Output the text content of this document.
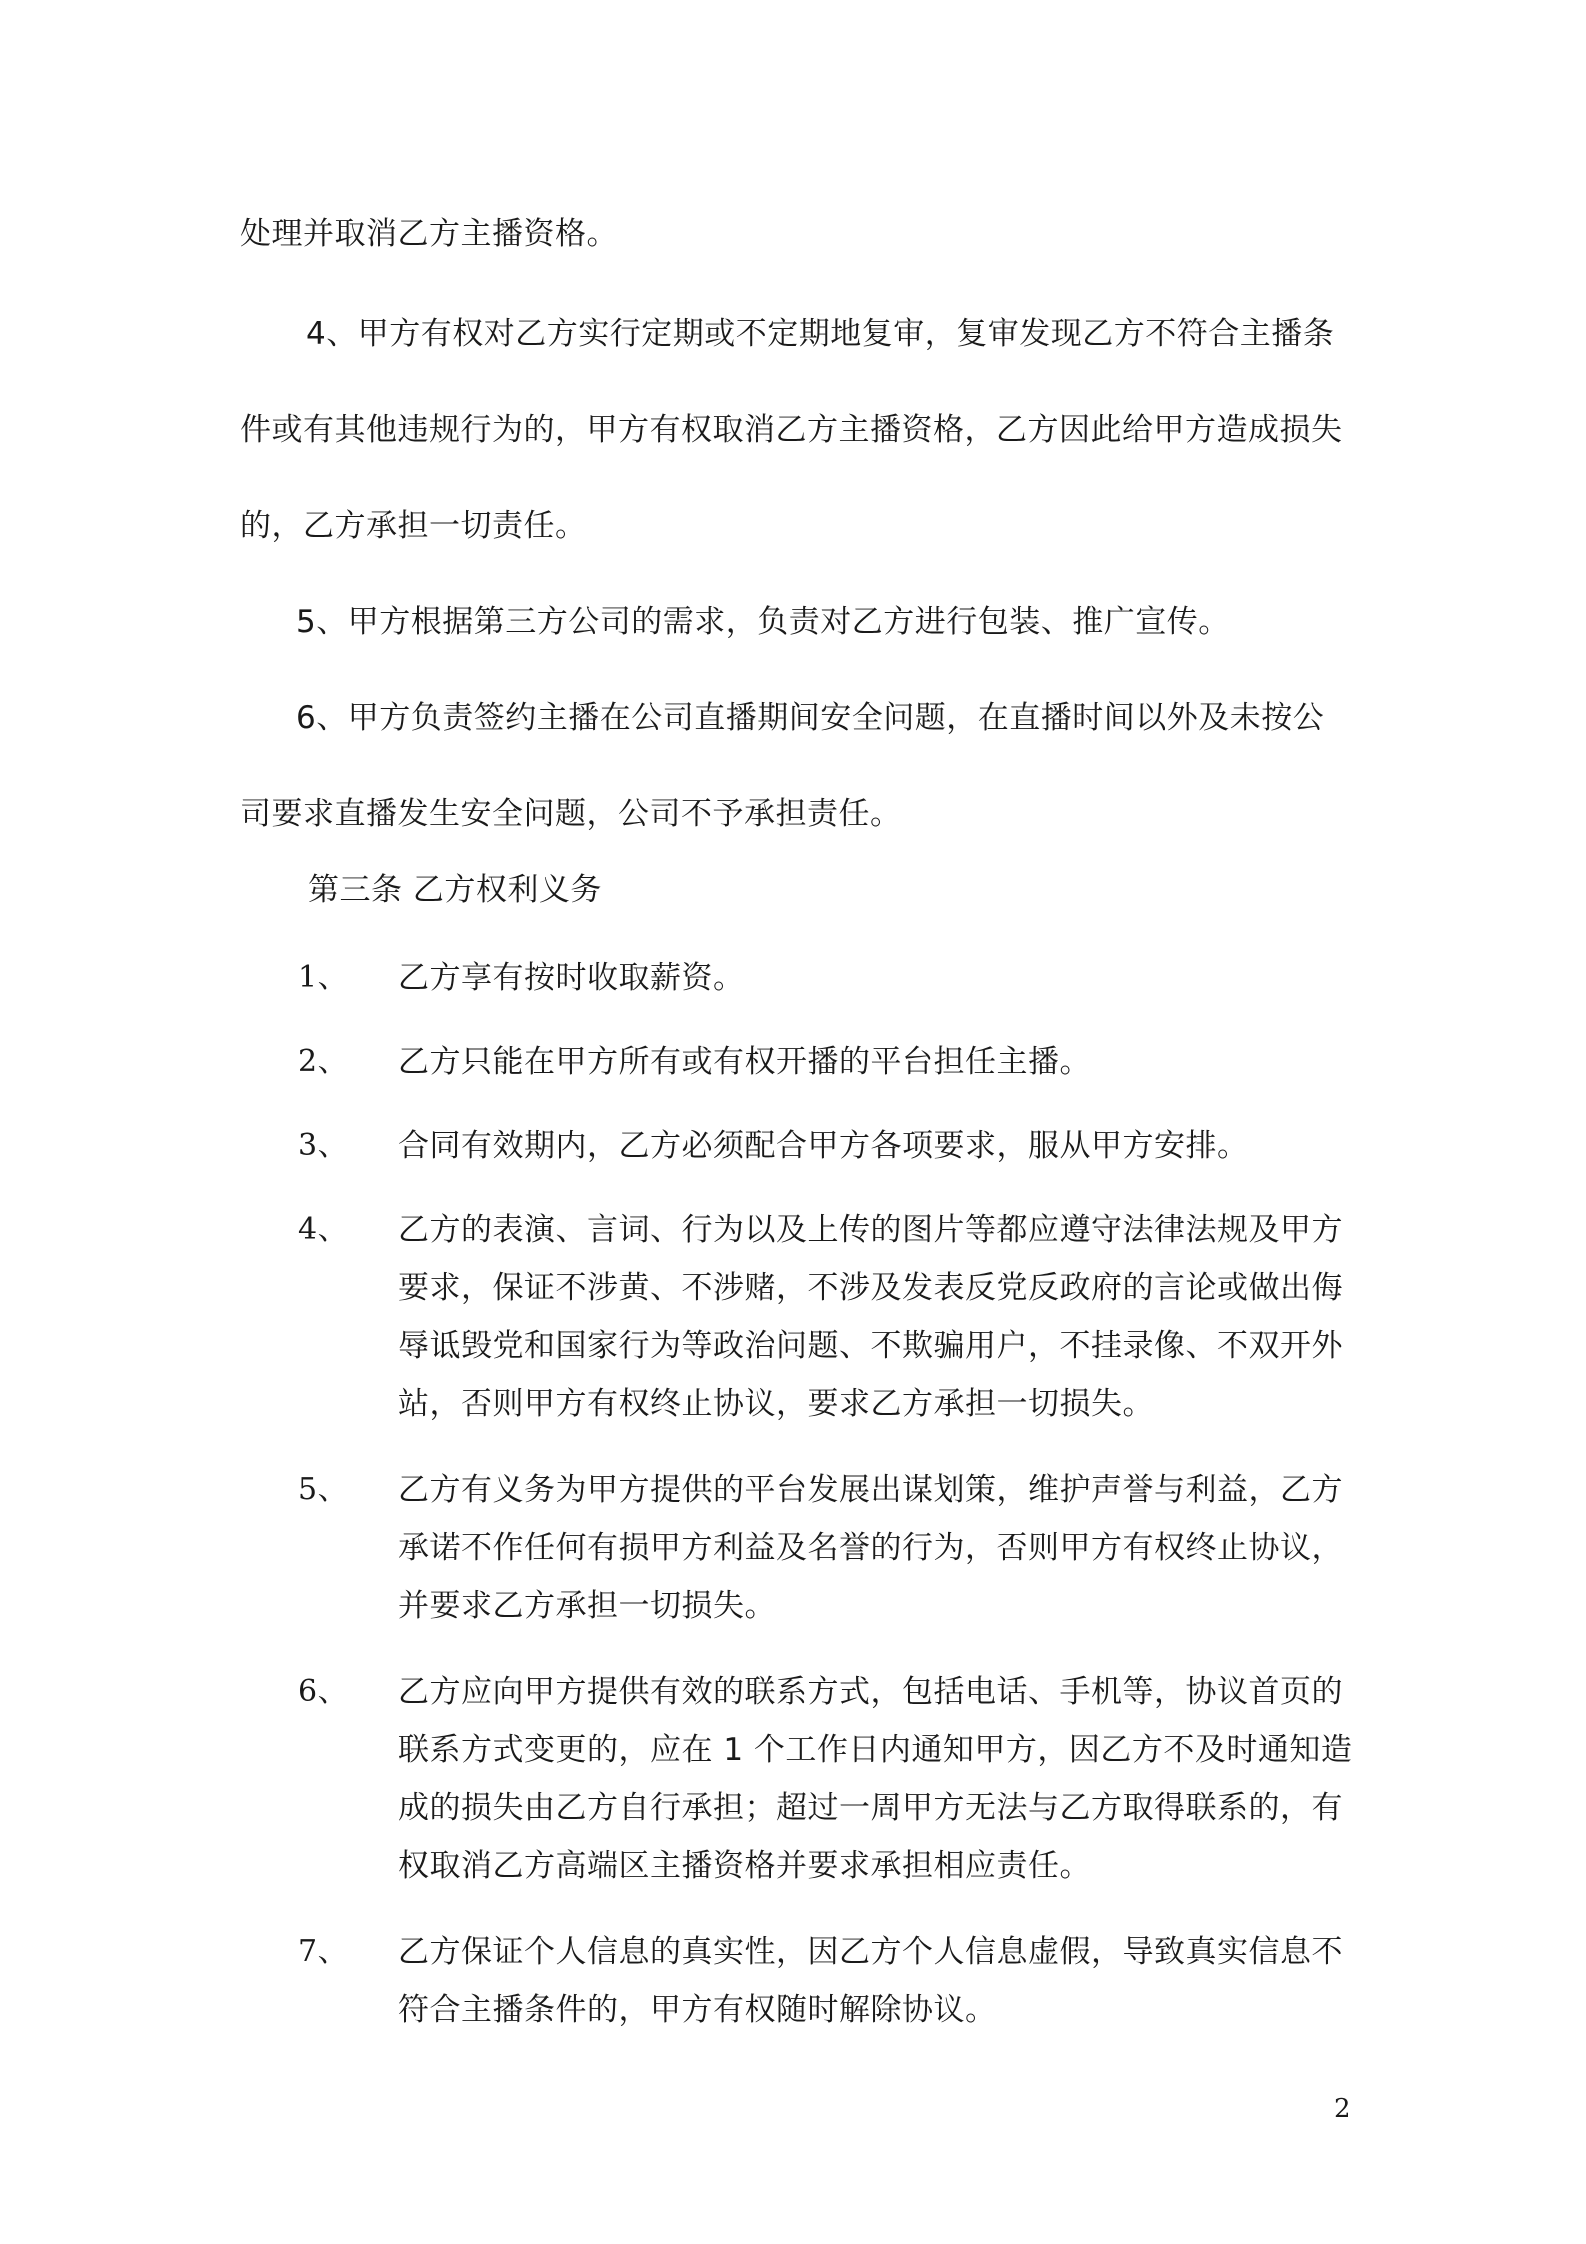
处理并取消乙方主播资格。

4、甲方有权对乙方实行定期或不定期地复审，复审发现乙方不符合主播条

件或有其他违规行为的，甲方有权取消乙方主播资格，乙方因此给甲方造成损失

的，乙方承担一切责任。

5、甲方根据第三方公司的需求，负责对乙方进行包装、推广宣传。

6、甲方负责签约主播在公司直播期间安全问题，在直播时间以外及未按公

司要求直播发生安全问题，公司不予承担责任。

第三条 乙方权利义务

1、	乙方享有按时收取薪资。
2、	乙方只能在甲方所有或有权开播的平台担任主播。
3、	合同有效期内，乙方必须配合甲方各项要求，服从甲方安排。
4、	乙方的表演、言词、行为以及上传的图片等都应遵守法律法规及甲方
要求，保证不涉黄、不涉赌，不涉及发表反党反政府的言论或做出侮
辱诋毁党和国家行为等政治问题、不欺骗用户，不挂录像、不双开外
站，否则甲方有权终止协议，要求乙方承担一切损失。
5、	乙方有义务为甲方提供的平台发展出谋划策，维护声誉与利益，乙方
承诺不作任何有损甲方利益及名誉的行为，否则甲方有权终止协议，
并要求乙方承担一切损失。
6、	乙方应向甲方提供有效的联系方式，包括电话、手机等，协议首页的
联系方式变更的，应在 1 个工作日内通知甲方，因乙方不及时通知造
成的损失由乙方自行承担；超过一周甲方无法与乙方取得联系的，有
权取消乙方高端区主播资格并要求承担相应责任。
7、	乙方保证个人信息的真实性，因乙方个人信息虚假，导致真实信息不
符合主播条件的，甲方有权随时解除协议。
2
